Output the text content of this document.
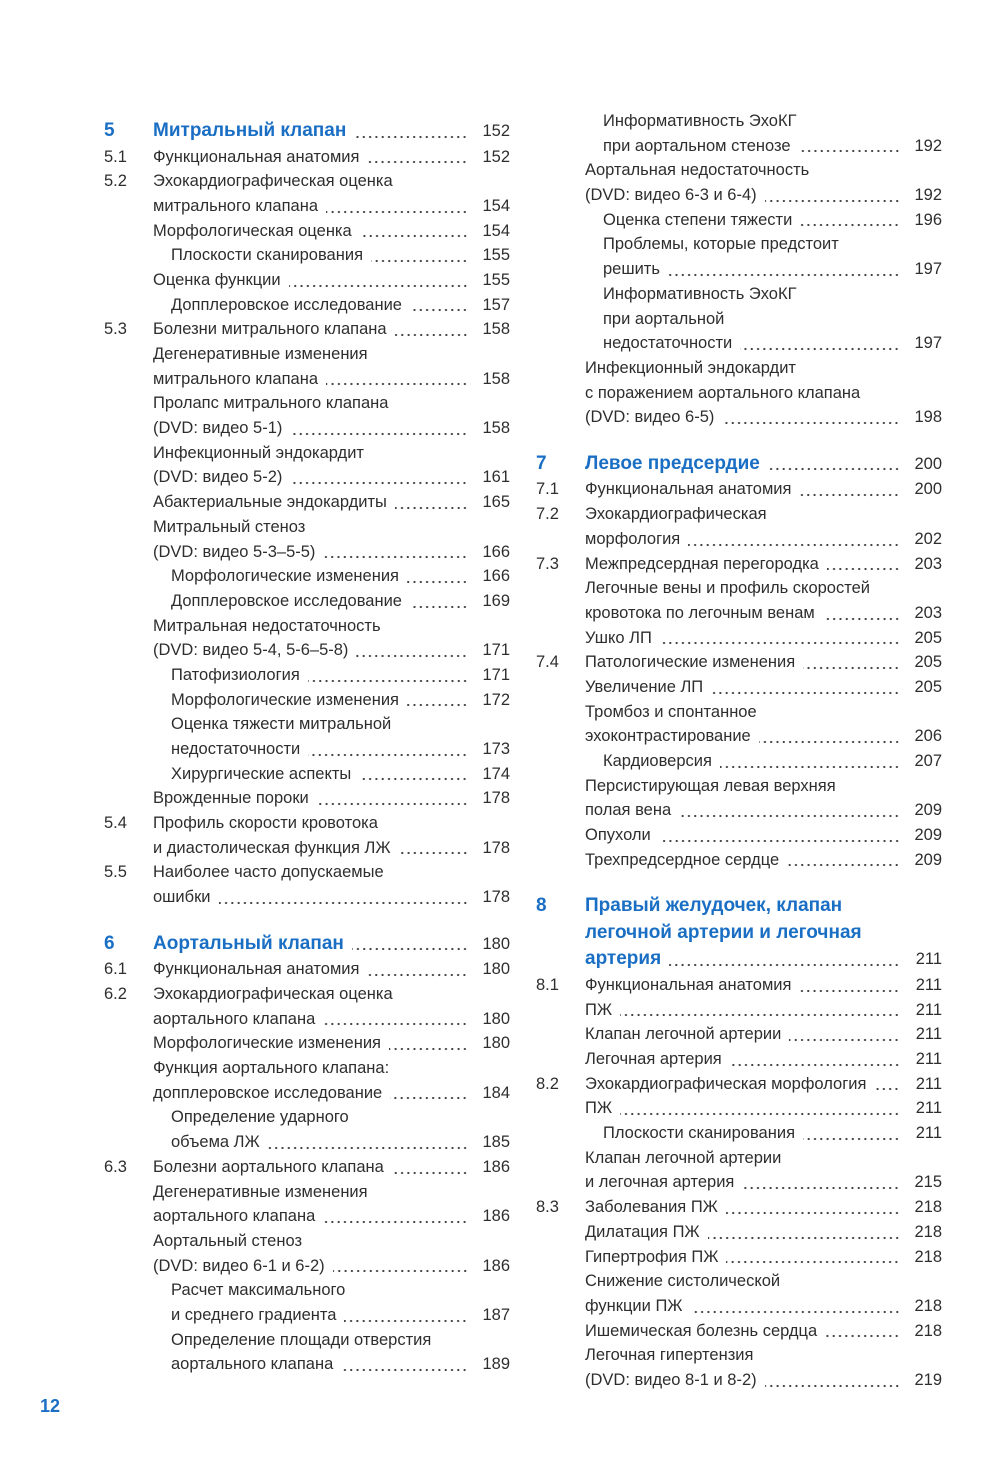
5 Митральный клапан	152
5.1 Функциональная анатомия	152
5.2 Эхокардиографическая оценка
митрального клапана	154
Морфологическая оценка	154
Плоскости сканирования	155
Оценка функции	155
Допплеровское исследование	157
5.3 Болезни митрального клапана	158
Дегенеративные изменения
митрального клапана	158
Пролапс митрального клапана
(DVD: видео 5-1)	158
Инфекционный эндокардит
(DVD: видео 5-2)	161
Абактериальные эндокардиты	165
Митральный стеноз
(DVD: видео 5-3–5-5)	166
Морфологические изменения	166
Допплеровское исследование	169
Митральная недостаточность
(DVD: видео 5-4, 5-6–5-8)	171
Патофизиология	171
Морфологические изменения	172
Оценка тяжести митральной
недостаточности	173
Хирургические аспекты	174
Врожденные пороки	178
5.4 Профиль скорости кровотока
и диастолическая функция ЛЖ	178
5.5 Наиболее часто допускаемые
ошибки	178
6 Аортальный клапан	180
6.1 Функциональная анатомия	180
6.2 Эхокардиографическая оценка
аортального клапана	180
Морфологические изменения	180
Функция аортального клапана:
допплеровское исследование	184
Определение ударного
объема ЛЖ	185
6.3 Болезни аортального клапана	186
Дегенеративные изменения
аортального клапана	186
Аортальный стеноз
(DVD: видео 6-1 и 6-2)	186
Расчет максимального
и среднего градиента	187
Определение площади отверстия
аортального клапана	189
Информативность ЭхоКГ
при аортальном стенозе	192
Аортальная недостаточность
(DVD: видео 6-3 и 6-4)	192
Оценка степени тяжести	196
Проблемы, которые предстоит
решить	197
Информативность ЭхоКГ
при аортальной
недостаточности	197
Инфекционный эндокардит
с поражением аортального клапана
(DVD: видео 6-5)	198
7 Левое предсердие	200
7.1 Функциональная анатомия	200
7.2 Эхокардиографическая
морфология	202
7.3 Межпредсердная перегородка	203
Легочные вены и профиль скоростей
кровотока по легочным венам	203
Ушко ЛП	205
7.4 Патологические изменения	205
Увеличение ЛП	205
Тромбоз и спонтанное
эхоконтрастирование	206
Кардиоверсия	207
Персистирующая левая верхняя
полая вена	209
Опухоли	209
Трехпредсердное сердце	209
8 Правый желудочек, клапан
легочной артерии и легочная
артерия	211
8.1 Функциональная анатомия	211
ПЖ	211
Клапан легочной артерии	211
Легочная артерия	211
8.2 Эхокардиографическая морфология	211
ПЖ	211
Плоскости сканирования	211
Клапан легочной артерии
и легочная артерия	215
8.3 Заболевания ПЖ	218
Дилатация ПЖ	218
Гипертрофия ПЖ	218
Снижение систолической
функции ПЖ	218
Ишемическая болезнь сердца	218
Легочная гипертензия
(DVD: видео 8-1 и 8-2)	219
12
